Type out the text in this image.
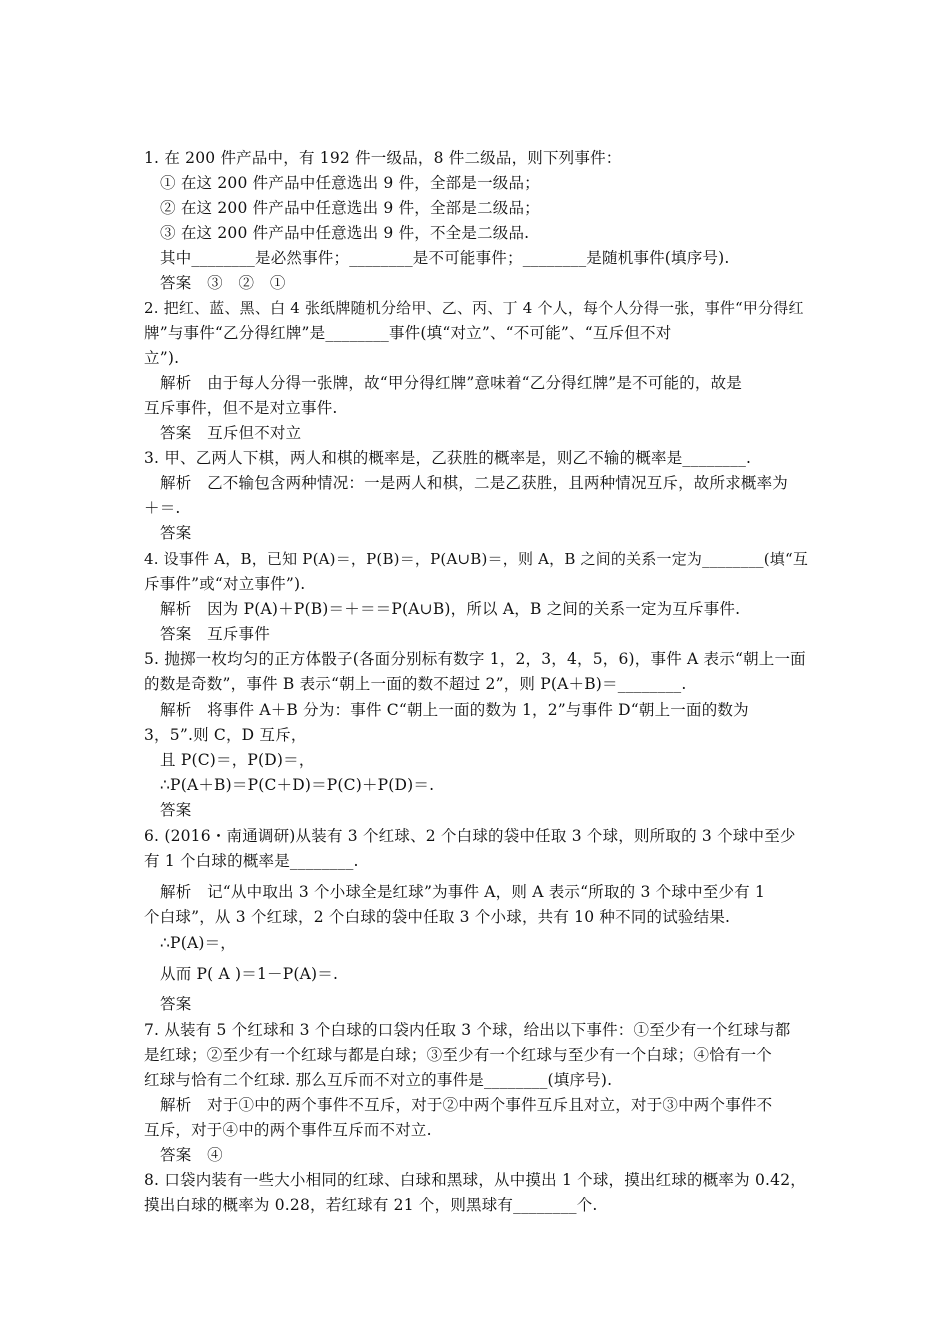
1. 在 200 件产品中，有 192 件一级品，8 件二级品，则下列事件：
① 在这 200 件产品中任意选出 9 件，全部是一级品；
② 在这 200 件产品中任意选出 9 件，全部是二级品；
③ 在这 200 件产品中任意选出 9 件，不全是二级品.
其中________是必然事件；________是不可能事件；________是随机事件(填序号).
答案　③　②　①
2. 把红、蓝、黑、白 4 张纸牌随机分给甲、乙、丙、丁 4 个人，每个人分得一张，事件“甲分得红
牌”与事件“乙分得红牌”是________事件(填“对立”、“不可能”、“互斥但不对
立”).
解析　由于每人分得一张牌，故“甲分得红牌”意味着“乙分得红牌”是不可能的，故是
互斥事件，但不是对立事件.
答案　互斥但不对立
3. 甲、乙两人下棋，两人和棋的概率是，乙获胜的概率是，则乙不输的概率是________.
解析　乙不输包含两种情况：一是两人和棋，二是乙获胜，且两种情况互斥，故所求概率为
＋＝.
答案
4. 设事件 A，B，已知 P(A)＝，P(B)＝，P(A∪B)＝，则 A，B 之间的关系一定为________(填“互
斥事件”或“对立事件”).
解析　因为 P(A)＋P(B)＝＋＝＝P(A∪B)，所以 A，B 之间的关系一定为互斥事件.
答案　互斥事件
5. 抛掷一枚均匀的正方体骰子(各面分别标有数字 1，2，3，4，5，6)，事件 A 表示“朝上一面
的数是奇数”，事件 B 表示“朝上一面的数不超过 2”，则 P(A＋B)＝________.
解析　将事件 A＋B 分为：事件 C“朝上一面的数为 1，2”与事件 D“朝上一面的数为
3，5”.则 C，D 互斥，
且 P(C)＝，P(D)＝，
∴P(A＋B)＝P(C＋D)＝P(C)＋P(D)＝.
答案
6. (2016・南通调研)从装有 3 个红球、2 个白球的袋中任取 3 个球，则所取的 3 个球中至少
有 1 个白球的概率是________.
解析　记“从中取出 3 个小球全是红球”为事件 A，则 A 表示“所取的 3 个球中至少有 1
个白球”，从 3 个红球，2 个白球的袋中任取 3 个小球，共有 10 种不同的试验结果.
∴P(A)＝，
从而 P( A )＝1－P(A)＝.
答案
7. 从装有 5 个红球和 3 个白球的口袋内任取 3 个球，给出以下事件：①至少有一个红球与都
是红球；②至少有一个红球与都是白球；③至少有一个红球与至少有一个白球；④恰有一个
红球与恰有二个红球. 那么互斥而不对立的事件是________(填序号).
解析　对于①中的两个事件不互斥，对于②中两个事件互斥且对立，对于③中两个事件不
互斥，对于④中的两个事件互斥而不对立.
答案　④
8. 口袋内装有一些大小相同的红球、白球和黑球，从中摸出 1 个球，摸出红球的概率为 0.42，
摸出白球的概率为 0.28，若红球有 21 个，则黑球有________个.
